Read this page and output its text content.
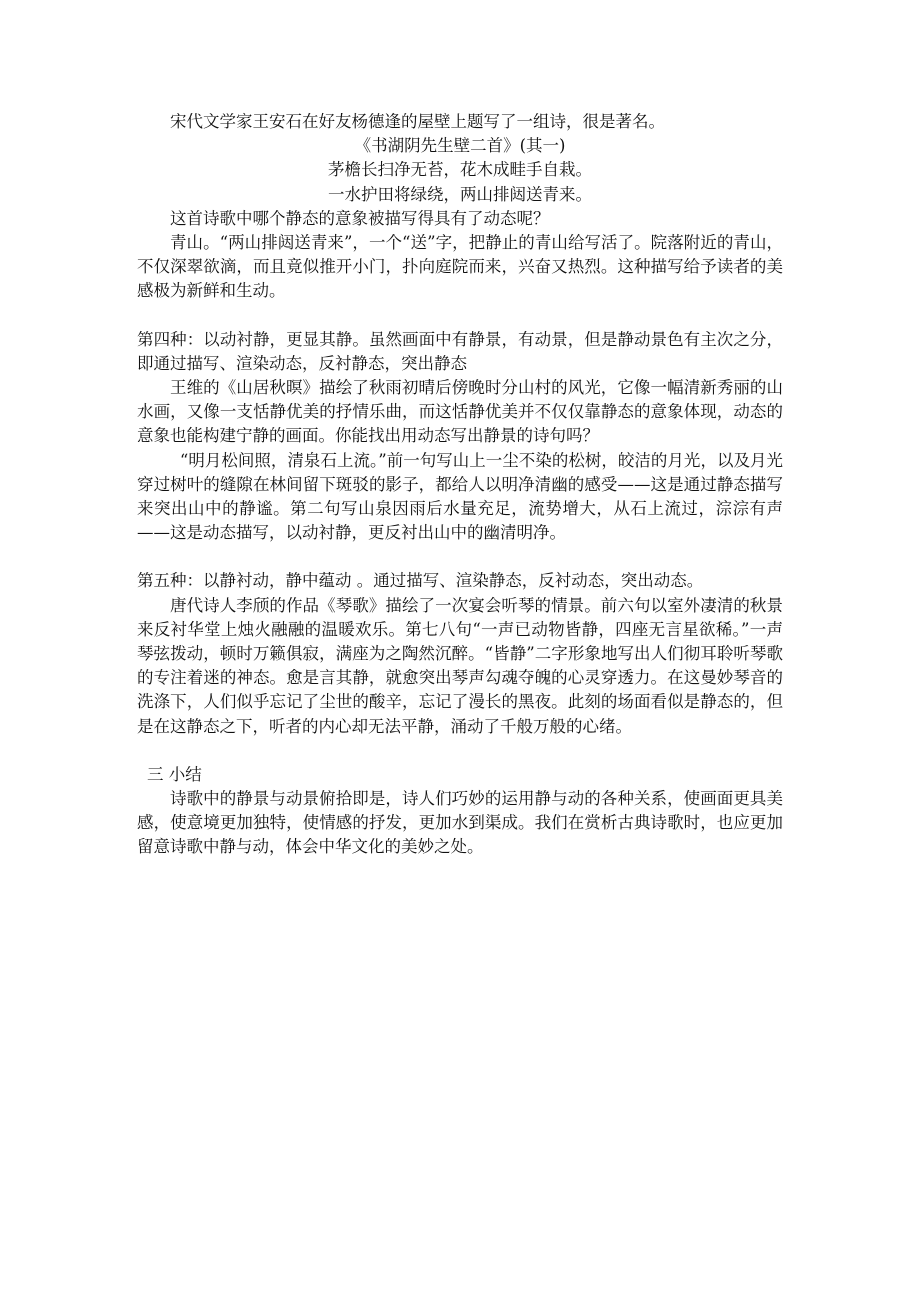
宋代文学家王安石在好友杨德逢的屋壁上题写了一组诗，很是著名。

《书湖阴先生壁二首》(其一)

茅檐长扫净无苔，花木成畦手自栽。

一水护田将绿绕，两山排闼送青来。

这首诗歌中哪个静态的意象被描写得具有了动态呢？

青山。“两山排闼送青来”，一个“送”字，把静止的青山给写活了。院落附近的青山，不仅深翠欲滴，而且竟似推开小门，扑向庭院而来，兴奋又热烈。这种描写给予读者的美感极为新鲜和生动。

第四种：以动衬静，更显其静。虽然画面中有静景，有动景，但是静动景色有主次之分，即通过描写、渲染动态，反衬静态，突出静态

王维的《山居秋暝》描绘了秋雨初晴后傍晚时分山村的风光，它像一幅清新秀丽的山水画，又像一支恬静优美的抒情乐曲，而这恬静优美并不仅仅靠静态的意象体现，动态的意象也能构建宁静的画面。你能找出用动态写出静景的诗句吗？

“明月松间照，清泉石上流。”前一句写山上一尘不染的松树，皎洁的月光，以及月光穿过树叶的缝隙在林间留下斑驳的影子，都给人以明净清幽的感受——这是通过静态描写来突出山中的静谧。第二句写山泉因雨后水量充足，流势增大，从石上流过，淙淙有声——这是动态描写，以动衬静，更反衬出山中的幽清明净。

第五种：以静衬动，静中蕴动 。通过描写、渲染静态，反衬动态，突出动态。

唐代诗人李颀的作品《琴歌》描绘了一次宴会听琴的情景。前六句以室外凄清的秋景来反衬华堂上烛火融融的温暖欢乐。第七八句“一声已动物皆静，四座无言星欲稀。”一声琴弦拨动，顿时万籁俱寂，满座为之陶然沉醉。“皆静”二字形象地写出人们彻耳聆听琴歌的专注着迷的神态。愈是言其静，就愈突出琴声勾魂夺魄的心灵穿透力。在这曼妙琴音的洗涤下，人们似乎忘记了尘世的酸辛，忘记了漫长的黑夜。此刻的场面看似是静态的，但是在这静态之下，听者的内心却无法平静，涌动了千般万般的心绪。

三 小结

诗歌中的静景与动景俯拾即是，诗人们巧妙的运用静与动的各种关系，使画面更具美感，使意境更加独特，使情感的抒发，更加水到渠成。我们在赏析古典诗歌时，也应更加留意诗歌中静与动，体会中华文化的美妙之处。
